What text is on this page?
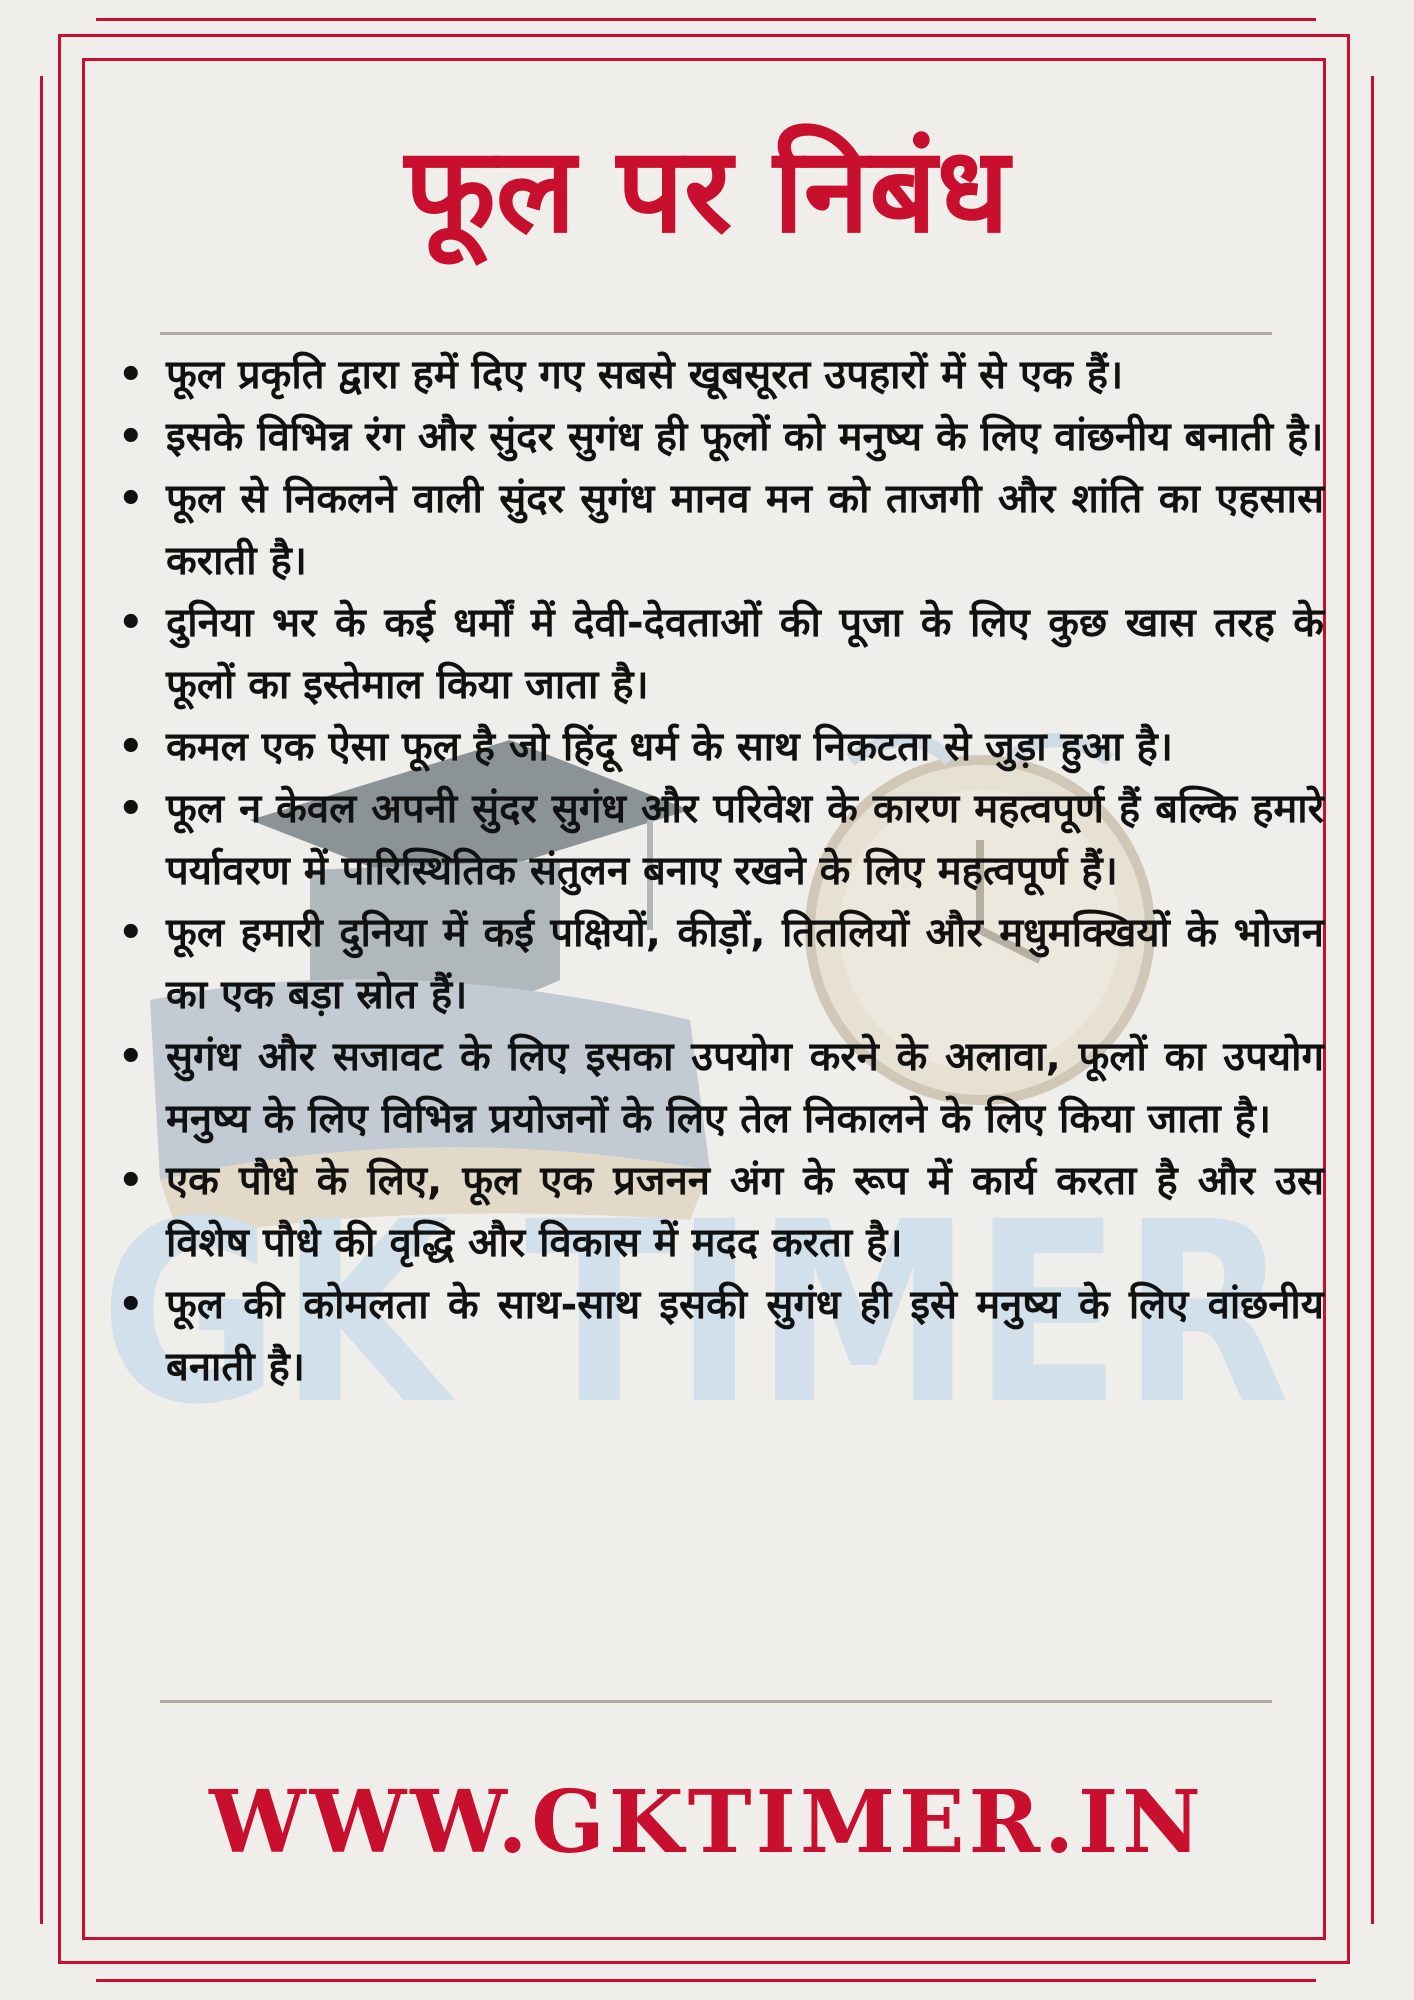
GK TIMER
फूल पर निबंध
• फूल प्रकृति द्वारा हमें दिए गए सबसे खूबसूरत उपहारों में से एक हैं।
• इसके विभिन्न रंग और सुंदर सुगंध ही फूलों को मनुष्य के लिए वांछनीय बनाती है।
• फूल से निकलने वाली सुंदर सुगंध मानव मन को ताजगी और शांति का एहसास कराती है।
• दुनिया भर के कई धर्मों में देवी-देवताओं की पूजा के लिए कुछ खास तरह के फूलों का इस्तेमाल किया जाता है।
• कमल एक ऐसा फूल है जो हिंदू धर्म के साथ निकटता से जुड़ा हुआ है।
• फूल न केवल अपनी सुंदर सुगंध और परिवेश के कारण महत्वपूर्ण हैं बल्कि हमारे पर्यावरण में पारिस्थितिक संतुलन बनाए रखने के लिए महत्वपूर्ण हैं।
• फूल हमारी दुनिया में कई पक्षियों, कीड़ों, तितलियों और मधुमक्खियों के भोजन का एक बड़ा स्रोत हैं।
• सुगंध और सजावट के लिए इसका उपयोग करने के अलावा, फूलों का उपयोग मनुष्य के लिए विभिन्न प्रयोजनों के लिए तेल निकालने के लिए किया जाता है।
• एक पौधे के लिए, फूल एक प्रजनन अंग के रूप में कार्य करता है और उस विशेष पौधे की वृद्धि और विकास में मदद करता है।
• फूल की कोमलता के साथ-साथ इसकी सुगंध ही इसे मनुष्य के लिए वांछनीय बनाती है।
WWW.GKTIMER.IN
